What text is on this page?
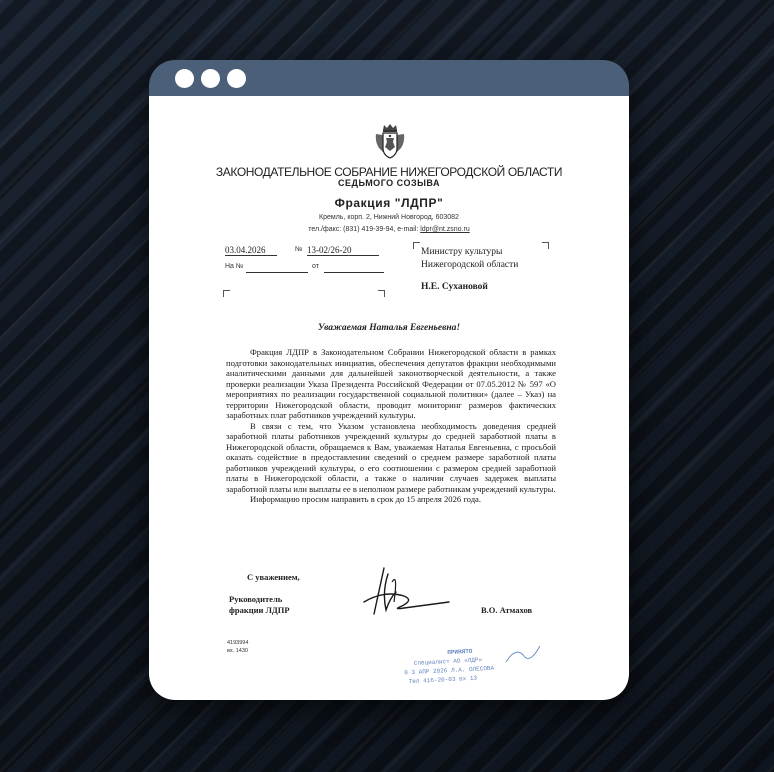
ЗАКОНОДАТЕЛЬНОЕ СОБРАНИЕ НИЖЕГОРОДСКОЙ ОБЛАСТИ
СЕДЬМОГО СОЗЫВА
Фракция "ЛДПР"
Кремль, корп. 2, Нижний Новгород, 603082
тел./факс: (831) 419-39-94, e-mail: ldpr@nt.zsno.ru
03.04.2026	№ 13-02/26-20
На №	от
Министру культуры
Нижегородской области
Н.Е. Сухановой
Уважаемая Наталья Евгеньевна!

Фракция ЛДПР в Законодательном Собрании Нижегородской области в рамках подготовки законодательных инициатив, обеспечения депутатов фракции необходимыми аналитическими данными для дальнейшей законотворческой деятельности, а также проверки реализации Указа Президента Российской Федерации от 07.05.2012 № 597 «О мероприятиях по реализации государственной социальной политики» (далее – Указ) на территории Нижегородской области, проводит мониторинг размеров фактических заработных плат работников учреждений культуры.

В связи с тем, что Указом установлена необходимость доведения средней заработной платы работников учреждений культуры до средней заработной платы в Нижегородской области, обращаемся к Вам, уважаемая Наталья Евгеньевна, с просьбой оказать содействие в предоставлении сведений о среднем размере заработной платы работников учреждений культуры, о его соотношении с размером средней заработной платы в Нижегородской области, а также о наличии случаев задержек выплаты заработной платы или выплаты ее в неполном размере работникам учреждений культуры.

Информацию просим направить в срок до 15 апреля 2026 года.

С уважением,
Руководитель
фракции ЛДПР	В.О. Атмахов
4193994
вх. 1430	ПРИНЯТО
Специалист АО «ЛДР»
0 3 АПР 2026 Л.А. ОЛЕСОВА
Тел 416-20-03 вх 13
